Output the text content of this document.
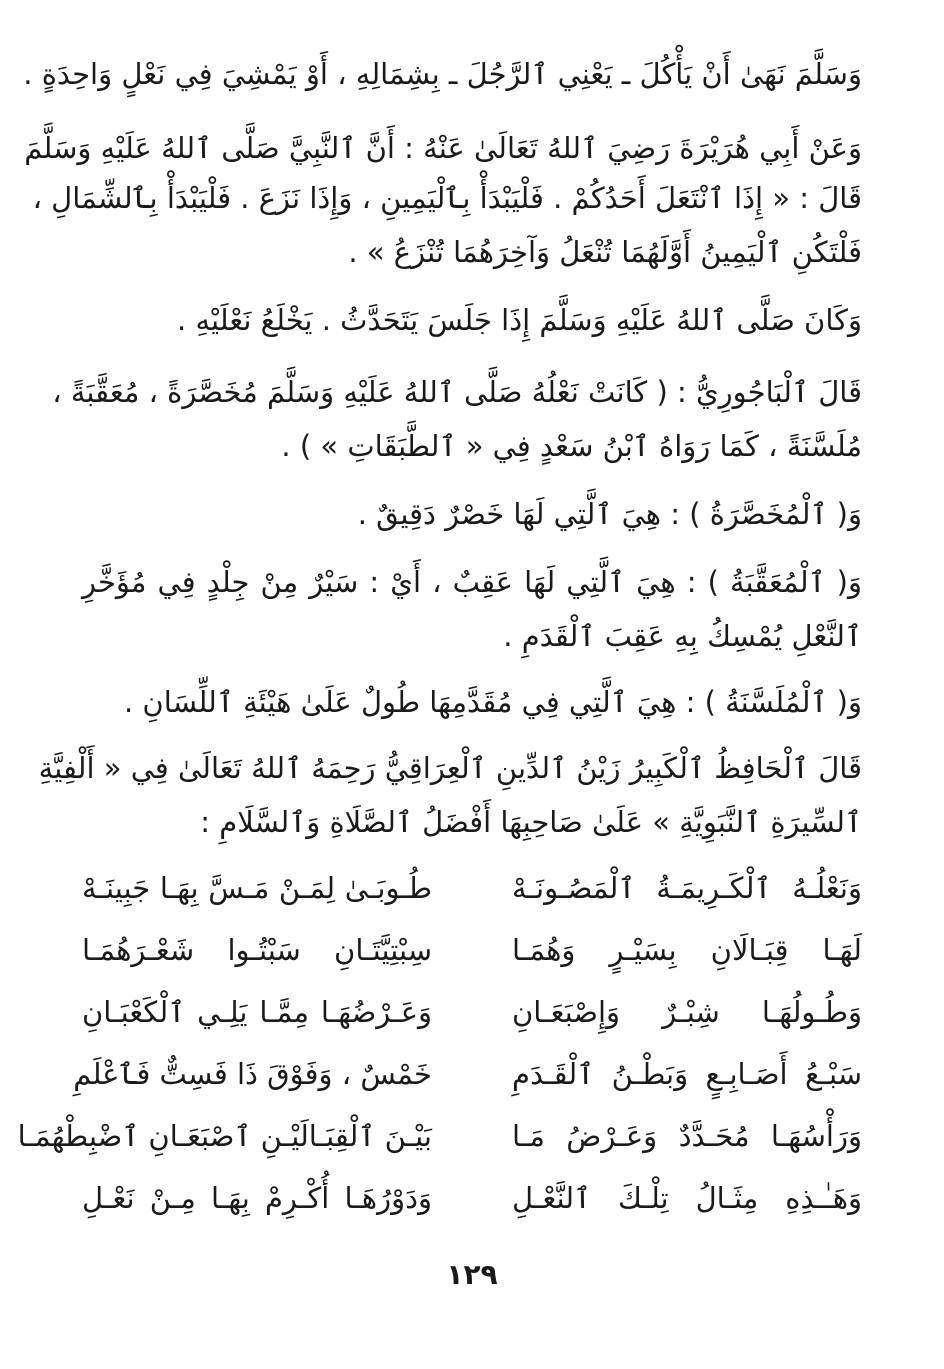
وَسَلَّمَ نَهَىٰ أَنْ يَأْكُلَ ـ يَعْنِي ٱلرَّجُلَ ـ بِشِمَالِهِ ، أَوْ يَمْشِيَ فِي نَعْلٍ وَاحِدَةٍ .
وَعَنْ أَبِي هُرَيْرَةَ رَضِيَ ٱللهُ تَعَالَىٰ عَنْهُ : أَنَّ ٱلنَّبِيَّ صَلَّى ٱللهُ عَلَيْهِ وَسَلَّمَ
قَالَ : « إِذَا ٱنْتَعَلَ أَحَدُكُمْ . فَلْيَبْدَأْ بِٱلْيَمِينِ ، وَإِذَا نَزَعَ . فَلْيَبْدَأْ بِٱلشِّمَالِ ،
فَلْتَكُنِ ٱلْيَمِينُ أَوَّلَهُمَا تُنْعَلُ وَآخِرَهُمَا تُنْزَعُ » .
وَكَانَ صَلَّى ٱللهُ عَلَيْهِ وَسَلَّمَ إِذَا جَلَسَ يَتَحَدَّثُ . يَخْلَعُ نَعْلَيْهِ .
قَالَ ٱلْبَاجُورِيُّ : ( كَانَتْ نَعْلُهُ صَلَّى ٱللهُ عَلَيْهِ وَسَلَّمَ مُخَصَّرَةً ، مُعَقَّبَةً ،
مُلَسَّنَةً ، كَمَا رَوَاهُ ٱبْنُ سَعْدٍ فِي « ٱلطَّبَقَاتِ » ) .
وَ( ٱلْمُخَصَّرَةُ ) : هِيَ ٱلَّتِي لَهَا خَصْرٌ دَقِيقٌ .
وَ( ٱلْمُعَقَّبَةُ ) : هِيَ ٱلَّتِي لَهَا عَقِبٌ ، أَيْ : سَيْرٌ مِنْ جِلْدٍ فِي مُؤَخَّرِ
ٱلنَّعْلِ يُمْسِكُ بِهِ عَقِبَ ٱلْقَدَمِ .
وَ( ٱلْمُلَسَّنَةُ ) : هِيَ ٱلَّتِي فِي مُقَدَّمِهَا طُولٌ عَلَىٰ هَيْئَةِ ٱللِّسَانِ .
قَالَ ٱلْحَافِظُ ٱلْكَبِيرُ زَيْنُ ٱلدِّينِ ٱلْعِرَاقِيُّ رَحِمَهُ ٱللهُ تَعَالَىٰ فِي « أَلْفِيَّةِ
ٱلسِّيرَةِ ٱلنَّبَوِيَّةِ » عَلَىٰ صَاحِبِهَا أَفْضَلُ ٱلصَّلَاةِ وَٱلسَّلَامِ :
وَنَعْلُـهُ ٱلْكَـرِيمَـةُ ٱلْمَصُـونَـهْ
طُـوبَـىٰ لِمَـنْ مَـسَّ بِهَـا جَبِينَـهْ
لَهَـا قِبَـالَانِ بِسَيْـرٍ وَهُمَـا
سِبْتِيَّتَـانِ سَبْتُـوا شَعْـرَهُمَـا
وَطُـولُهَـا شِبْـرٌ وَإِصْبَعَـانِ
وَعَـرْضُهَـا مِمَّـا يَلِـي ٱلْكَعْبَـانِ
سَبْـعُ أَصَـابِـعٍ وَبَطْـنُ ٱلْقَـدَمِ
خَمْسٌ ، وَفَوْقَ ذَا فَسِتٌّ فَٱعْلَمِ
وَرَأْسُهَـا مُحَـدَّدٌ وَعَـرْضُ مَـا
بَيْـنَ ٱلْقِبَـالَيْـنِ ٱصْبَعَـانِ ٱضْبِطْهُمَـا
وَهَـٰـذِهِ مِثَـالُ تِلْـكَ ٱلنَّعْـلِ
وَدَوْرُهَـا أُكْـرِمْ بِهَـا مِـنْ نَعْـلِ
١٢٩
